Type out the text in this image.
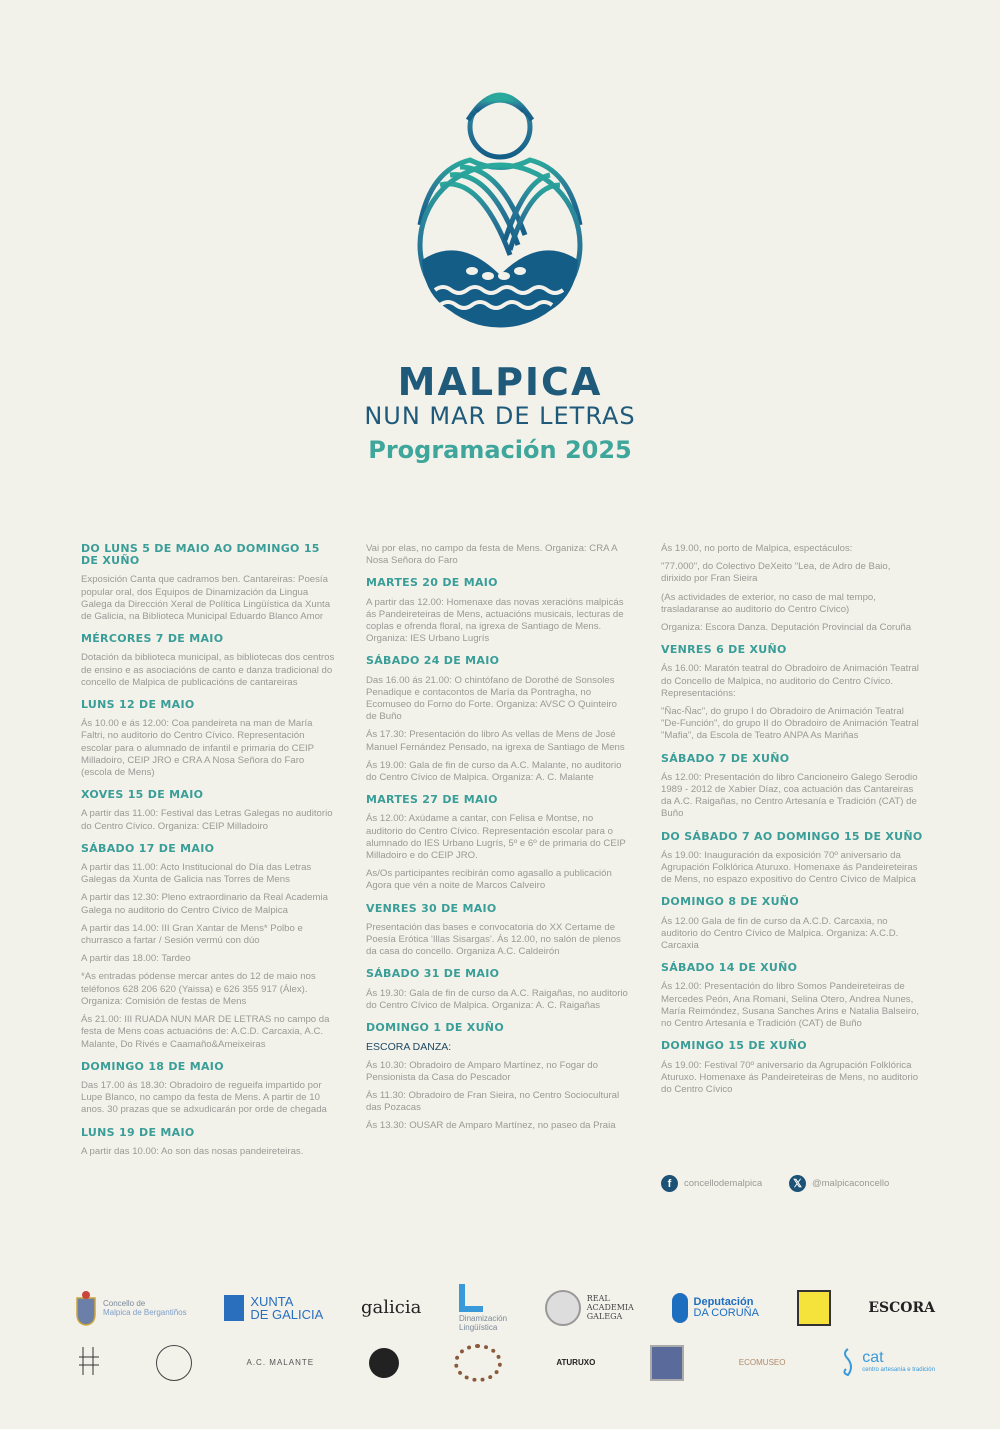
MALPICA
NUN MAR DE LETRAS
Programación 2025
DO LUNS 5 DE MAIO AO DOMINGO 15 DE XUÑO
Exposición Canta que cadramos ben. Cantareiras: Poesía popular oral, dos Equipos de Dinamización da Lingua Galega da Dirección Xeral de Política Lingüística da Xunta de Galicia, na Biblioteca Municipal Eduardo Blanco Amor
MÉRCORES 7 DE MAIO
Dotación da biblioteca municipal, as bibliotecas dos centros de ensino e as asociacións de canto e danza tradicional do concello de Malpica de publicacións de cantareiras
LUNS 12 DE MAIO
Ás 10.00 e ás 12.00: Coa pandeireta na man de María Faltri, no auditorio do Centro Cívico. Representación escolar para o alumnado de infantil e primaria do CEIP Milladoiro, CEIP JRO e CRA A Nosa Señora do Faro (escola de Mens)
XOVES 15 DE MAIO
A partir das 11.00: Festival das Letras Galegas no auditorio do Centro Cívico. Organiza: CEIP Milladoiro
SÁBADO 17 DE MAIO
A partir das 11.00: Acto Institucional do Día das Letras Galegas da Xunta de Galicia nas Torres de Mens
A partir das 12.30: Pleno extraordinario da Real Academia Galega no auditorio do Centro Cívico de Malpica
A partir das 14.00: III Gran Xantar de Mens* Polbo e churrasco a fartar / Sesión vermú con dúo
A partir das 18.00: Tardeo
*As entradas pódense mercar antes do 12 de maio nos teléfonos 628 206 620 (Yaissa) e 626 355 917 (Álex). Organiza: Comisión de festas de Mens
Ás 21.00: III RUADA NUN MAR DE LETRAS no campo da festa de Mens coas actuacións de: A.C.D. Carcaxia, A.C. Malante, Do Rivés e Caamaño&Ameixeiras
DOMINGO 18 DE MAIO
Das 17.00 ás 18.30: Obradoiro de regueifa impartido por Lupe Blanco, no campo da festa de Mens. A partir de 10 anos. 30 prazas que se adxudicarán por orde de chegada
LUNS 19 DE MAIO
A partir das 10.00: Ao son das nosas pandeireteiras.
Vai por elas, no campo da festa de Mens. Organiza: CRA A Nosa Señora do Faro
MARTES 20 DE MAIO
A partir das 12.00: Homenaxe das novas xeracións malpicás ás Pandeireteiras de Mens, actuacións musicais, lecturas de coplas e ofrenda floral, na igrexa de Santiago de Mens. Organiza: IES Urbano Lugrís
SÁBADO 24 DE MAIO
Das 16.00 ás 21.00: O chintófano de Dorothé de Sonsoles Penadique e contacontos de María da Pontragha, no Ecomuseo do Forno do Forte. Organiza: AVSC O Quinteiro de Buño
Ás 17.30: Presentación do libro As vellas de Mens de José Manuel Fernández Pensado, na igrexa de Santiago de Mens
Ás 19.00: Gala de fin de curso da A.C. Malante, no auditorio do Centro Cívico de Malpica. Organiza: A. C. Malante
MARTES 27 DE MAIO
Ás 12.00: Axúdame a cantar, con Felisa e Montse, no auditorio do Centro Cívico. Representación escolar para o alumnado do IES Urbano Lugrís, 5º e 6º de primaria do CEIP Milladoiro e do CEIP JRO.
As/Os participantes recibirán como agasallo a publicación Agora que vén a noite de Marcos Calveiro
VENRES 30 DE MAIO
Presentación das bases e convocatoria do XX Certame de Poesía Erótica 'Illas Sisargas'. Ás 12.00, no salón de plenos da casa do concello. Organiza A.C. Caldeirón
SÁBADO 31 DE MAIO
Ás 19.30: Gala de fin de curso da A.C. Raigañas, no auditorio do Centro Cívico de Malpica. Organiza: A. C. Raigañas
DOMINGO 1 DE XUÑO
ESCORA DANZA:
Ás 10.30: Obradoiro de Amparo Martínez, no Fogar do Pensionista da Casa do Pescador
Ás 11.30: Obradoiro de Fran Sieira, no Centro Sociocultural das Pozacas
Ás 13.30: OUSAR de Amparo Martínez, no paseo da Praia
Ás 19.00, no porto de Malpica, espectáculos:
"77.000", do Colectivo DeXeito "Lea, de Adro de Baio, dirixido por Fran Sieira
(As actividades de exterior, no caso de mal tempo, trasladaranse ao auditorio do Centro Cívico)
Organiza: Escora Danza. Deputación Provincial da Coruña
VENRES 6 DE XUÑO
Ás 16.00: Maratón teatral do Obradoiro de Animación Teatral do Concello de Malpica, no auditorio do Centro Cívico. Representacións:
"Ñac-Ñac", do grupo I do Obradoiro de Animación Teatral "De-Función", do grupo II do Obradoiro de Animación Teatral "Mafia", da Escola de Teatro ANPA As Mariñas
SÁBADO 7 DE XUÑO
Ás 12.00: Presentación do libro Cancioneiro Galego Serodio 1989 - 2012 de Xabier Díaz, coa actuación das Cantareiras da A.C. Raigañas, no Centro Artesanía e Tradición (CAT) de Buño
DO SÁBADO 7 AO DOMINGO 15 DE XUÑO
Ás 19.00: Inauguración da exposición 70º aniversario da Agrupación Folklórica Aturuxo. Homenaxe ás Pandeireteiras de Mens, no espazo expositivo do Centro Cívico de Malpica
DOMINGO 8 DE XUÑO
Ás 12.00 Gala de fin de curso da A.C.D. Carcaxia, no auditorio do Centro Cívico de Malpica. Organiza: A.C.D. Carcaxia
SÁBADO 14 DE XUÑO
Ás 12.00: Presentación do libro Somos Pandeireteiras de Mercedes Peón, Ana Romani, Selina Otero, Andrea Nunes, María Reimóndez, Susana Sanches Arins e Natalia Balseiro, no Centro Artesanía e Tradición (CAT) de Buño
DOMINGO 15 DE XUÑO
Ás 19.00: Festival 70º aniversario da Agrupación Folklórica Aturuxo. Homenaxe ás Pandeireteiras de Mens, no auditorio do Centro Cívico
f	concellodemalpica	𝕏	@malpicaconcello
Concello de
Malpica de Bergantiños
XUNTA
DE GALICIA galicia	Dinamización
Lingüística
REAL
ACADEMIA
GALEGA
Deputación
DA CORUÑA	ESCORA
A.C. MALANTE	ATURUXO	ECOMUSEO	cat
centro artesanía e tradición
